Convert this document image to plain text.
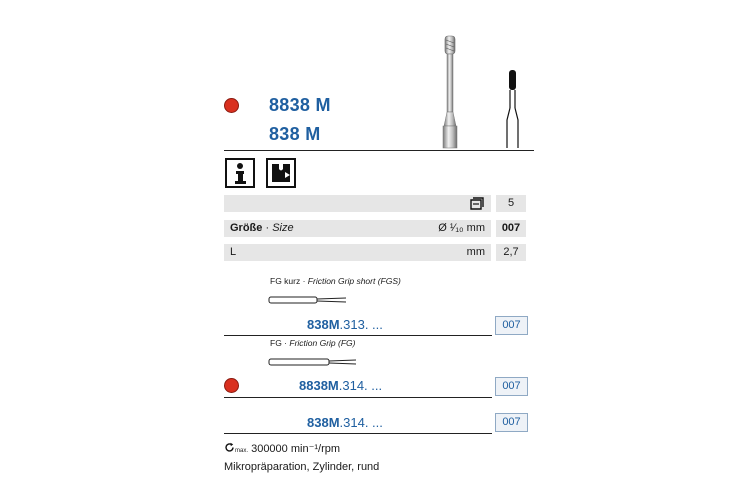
8838 M
838 M
5
Größe · Size	Ø ¹⁄₁₀ mm	007
L	mm	2,7
FG kurz · Friction Grip short (FGS)
838M.313. ...	007
FG · Friction Grip (FG)
8838M.314. ...	007
838M.314. ...	007
max. 300000 min⁻¹/rpm
Mikropräparation, Zylinder, rund
